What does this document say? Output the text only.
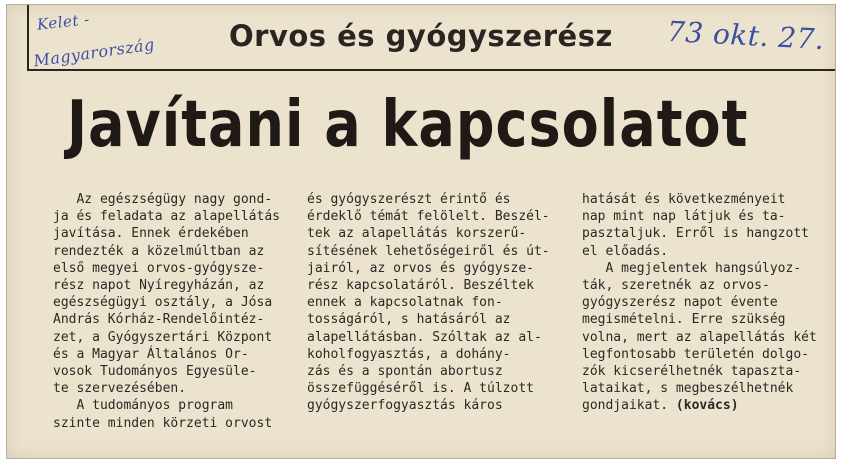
Kelet -
Magyarország	73 okt. 27.
Orvos és gyógyszerész
Javítani a kapcsolatot
Az egészségügy nagy gond-
ja és feladata az alapellátás
javítása. Ennek érdekében
rendezték a közelmúltban az
első megyei orvos-gyógysze-
rész napot Nyíregyházán, az
egészségügyi osztály, a Jósa
András Kórház-Rendelőintéz-
zet, a Gyógyszertári Központ
és a Magyar Általános Or-
vosok Tudományos Egyesüle-
te szervezésében.
A tudományos program
szinte minden körzeti orvost
és gyógyszerészt érintő és
érdeklő témát felölelt. Beszél-
tek az alapellátás korszerű-
sítésének lehetőségeiről és út-
jairól, az orvos és gyógysze-
rész kapcsolatáról. Beszéltek
ennek a kapcsolatnak fon-
tosságáról, s hatásáról az
alapellátásban. Szóltak az al-
koholfogyasztás, a dohány-
zás és a spontán abortusz
összefüggéséről is. A túlzott
gyógyszerfogyasztás káros
hatását és következményeit
nap mint nap látjuk és ta-
pasztaljuk. Erről is hangzott
el előadás.
A megjelentek hangsúlyoz-
ták, szeretnék az orvos-
gyógyszerész napot évente
megismételni. Erre szükség
volna, mert az alapellátás két
legfontosabb területén dolgo-
zók kicserélhetnék tapaszta-
lataikat, s megbeszélhetnék
gondjaikat. (kovács)
